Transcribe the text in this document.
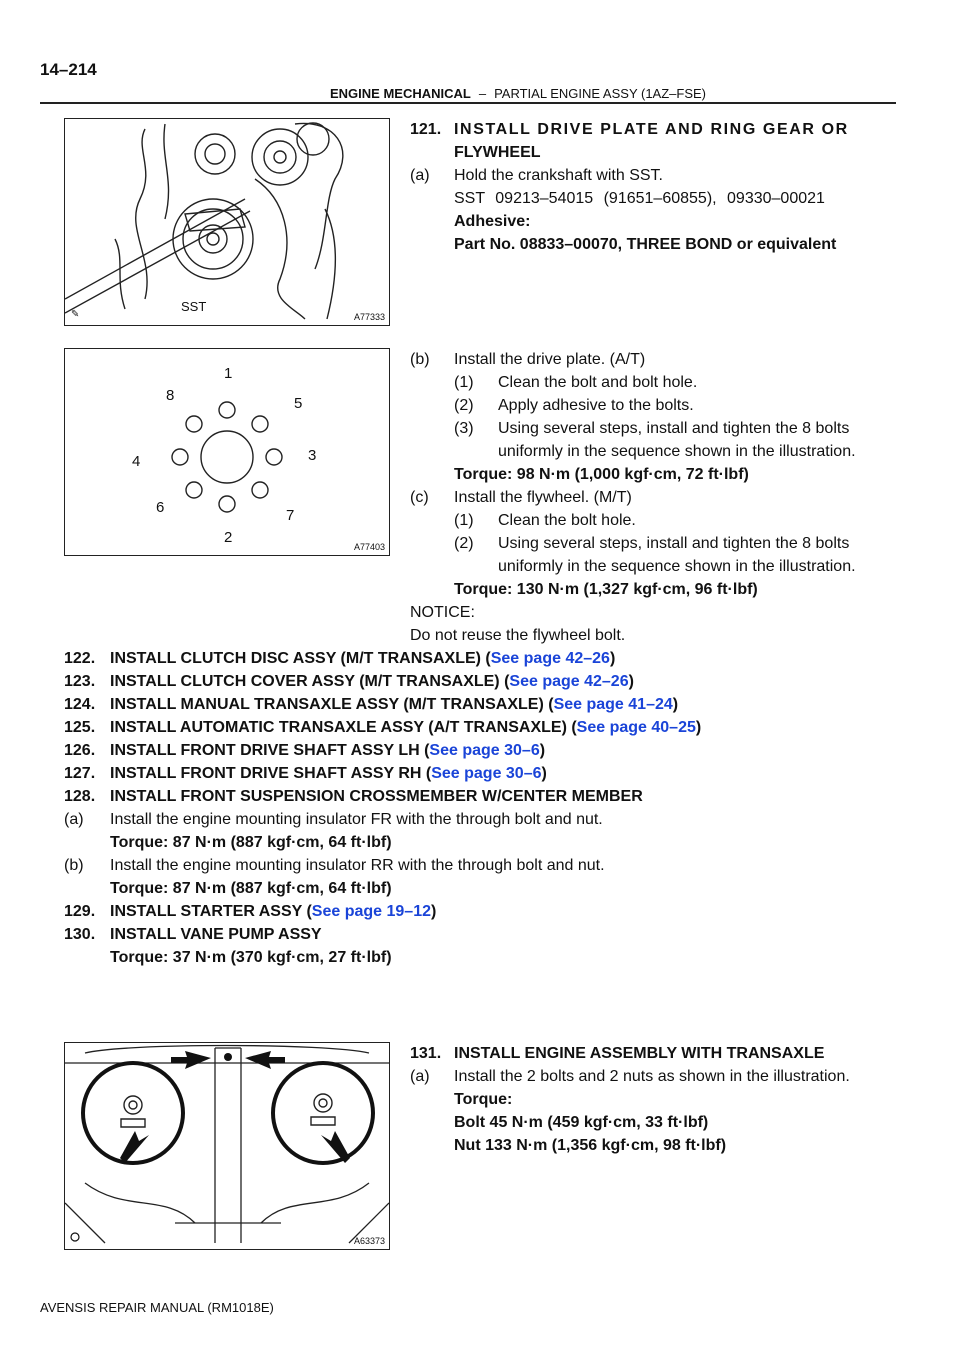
14–214
ENGINE MECHANICAL – PARTIAL ENGINE ASSY (1AZ–FSE)
✎
SST
A77333
1
5
3
7
2
6
4
8
A77403
A63373
121. INSTALL DRIVE PLATE AND RING GEAR OR
FLYWHEEL
(a) Hold the crankshaft with SST.
SST 09213–54015 (91651–60855), 09330–00021
Adhesive:
Part No. 08833–00070, THREE BOND or equivalent
(b) Install the drive plate. (A/T)
(1) Clean the bolt and bolt hole.
(2) Apply adhesive to the bolts.
(3) Using several steps, install and tighten the 8 bolts
uniformly in the sequence shown in the illustration.
Torque: 98 N·m (1,000 kgf·cm, 72 ft·lbf)
(c) Install the flywheel. (M/T)
(1) Clean the bolt hole.
(2) Using several steps, install and tighten the 8 bolts
uniformly in the sequence shown in the illustration.
Torque: 130 N·m (1,327 kgf·cm, 96 ft·lbf)
NOTICE:
Do not reuse the flywheel bolt.
122. INSTALL CLUTCH DISC ASSY (M/T TRANSAXLE) (See page 42–26)
123. INSTALL CLUTCH COVER ASSY (M/T TRANSAXLE) (See page 42–26)
124. INSTALL MANUAL TRANSAXLE ASSY (M/T TRANSAXLE) (See page 41–24)
125. INSTALL AUTOMATIC TRANSAXLE ASSY (A/T TRANSAXLE) (See page 40–25)
126. INSTALL FRONT DRIVE SHAFT ASSY LH (See page 30–6)
127. INSTALL FRONT DRIVE SHAFT ASSY RH (See page 30–6)
128. INSTALL FRONT SUSPENSION CROSSMEMBER W/CENTER MEMBER
(a) Install the engine mounting insulator FR with the through bolt and nut.
Torque: 87 N·m (887 kgf·cm, 64 ft·lbf)
(b) Install the engine mounting insulator RR with the through bolt and nut.
Torque: 87 N·m (887 kgf·cm, 64 ft·lbf)
129. INSTALL STARTER ASSY (See page 19–12)
130. INSTALL VANE PUMP ASSY
Torque: 37 N·m (370 kgf·cm, 27 ft·lbf)
131. INSTALL ENGINE ASSEMBLY WITH TRANSAXLE
(a) Install the 2 bolts and 2 nuts as shown in the illustration.
Torque:
Bolt 45 N·m (459 kgf·cm, 33 ft·lbf)
Nut 133 N·m (1,356 kgf·cm, 98 ft·lbf)
AVENSIS REPAIR MANUAL (RM1018E)
